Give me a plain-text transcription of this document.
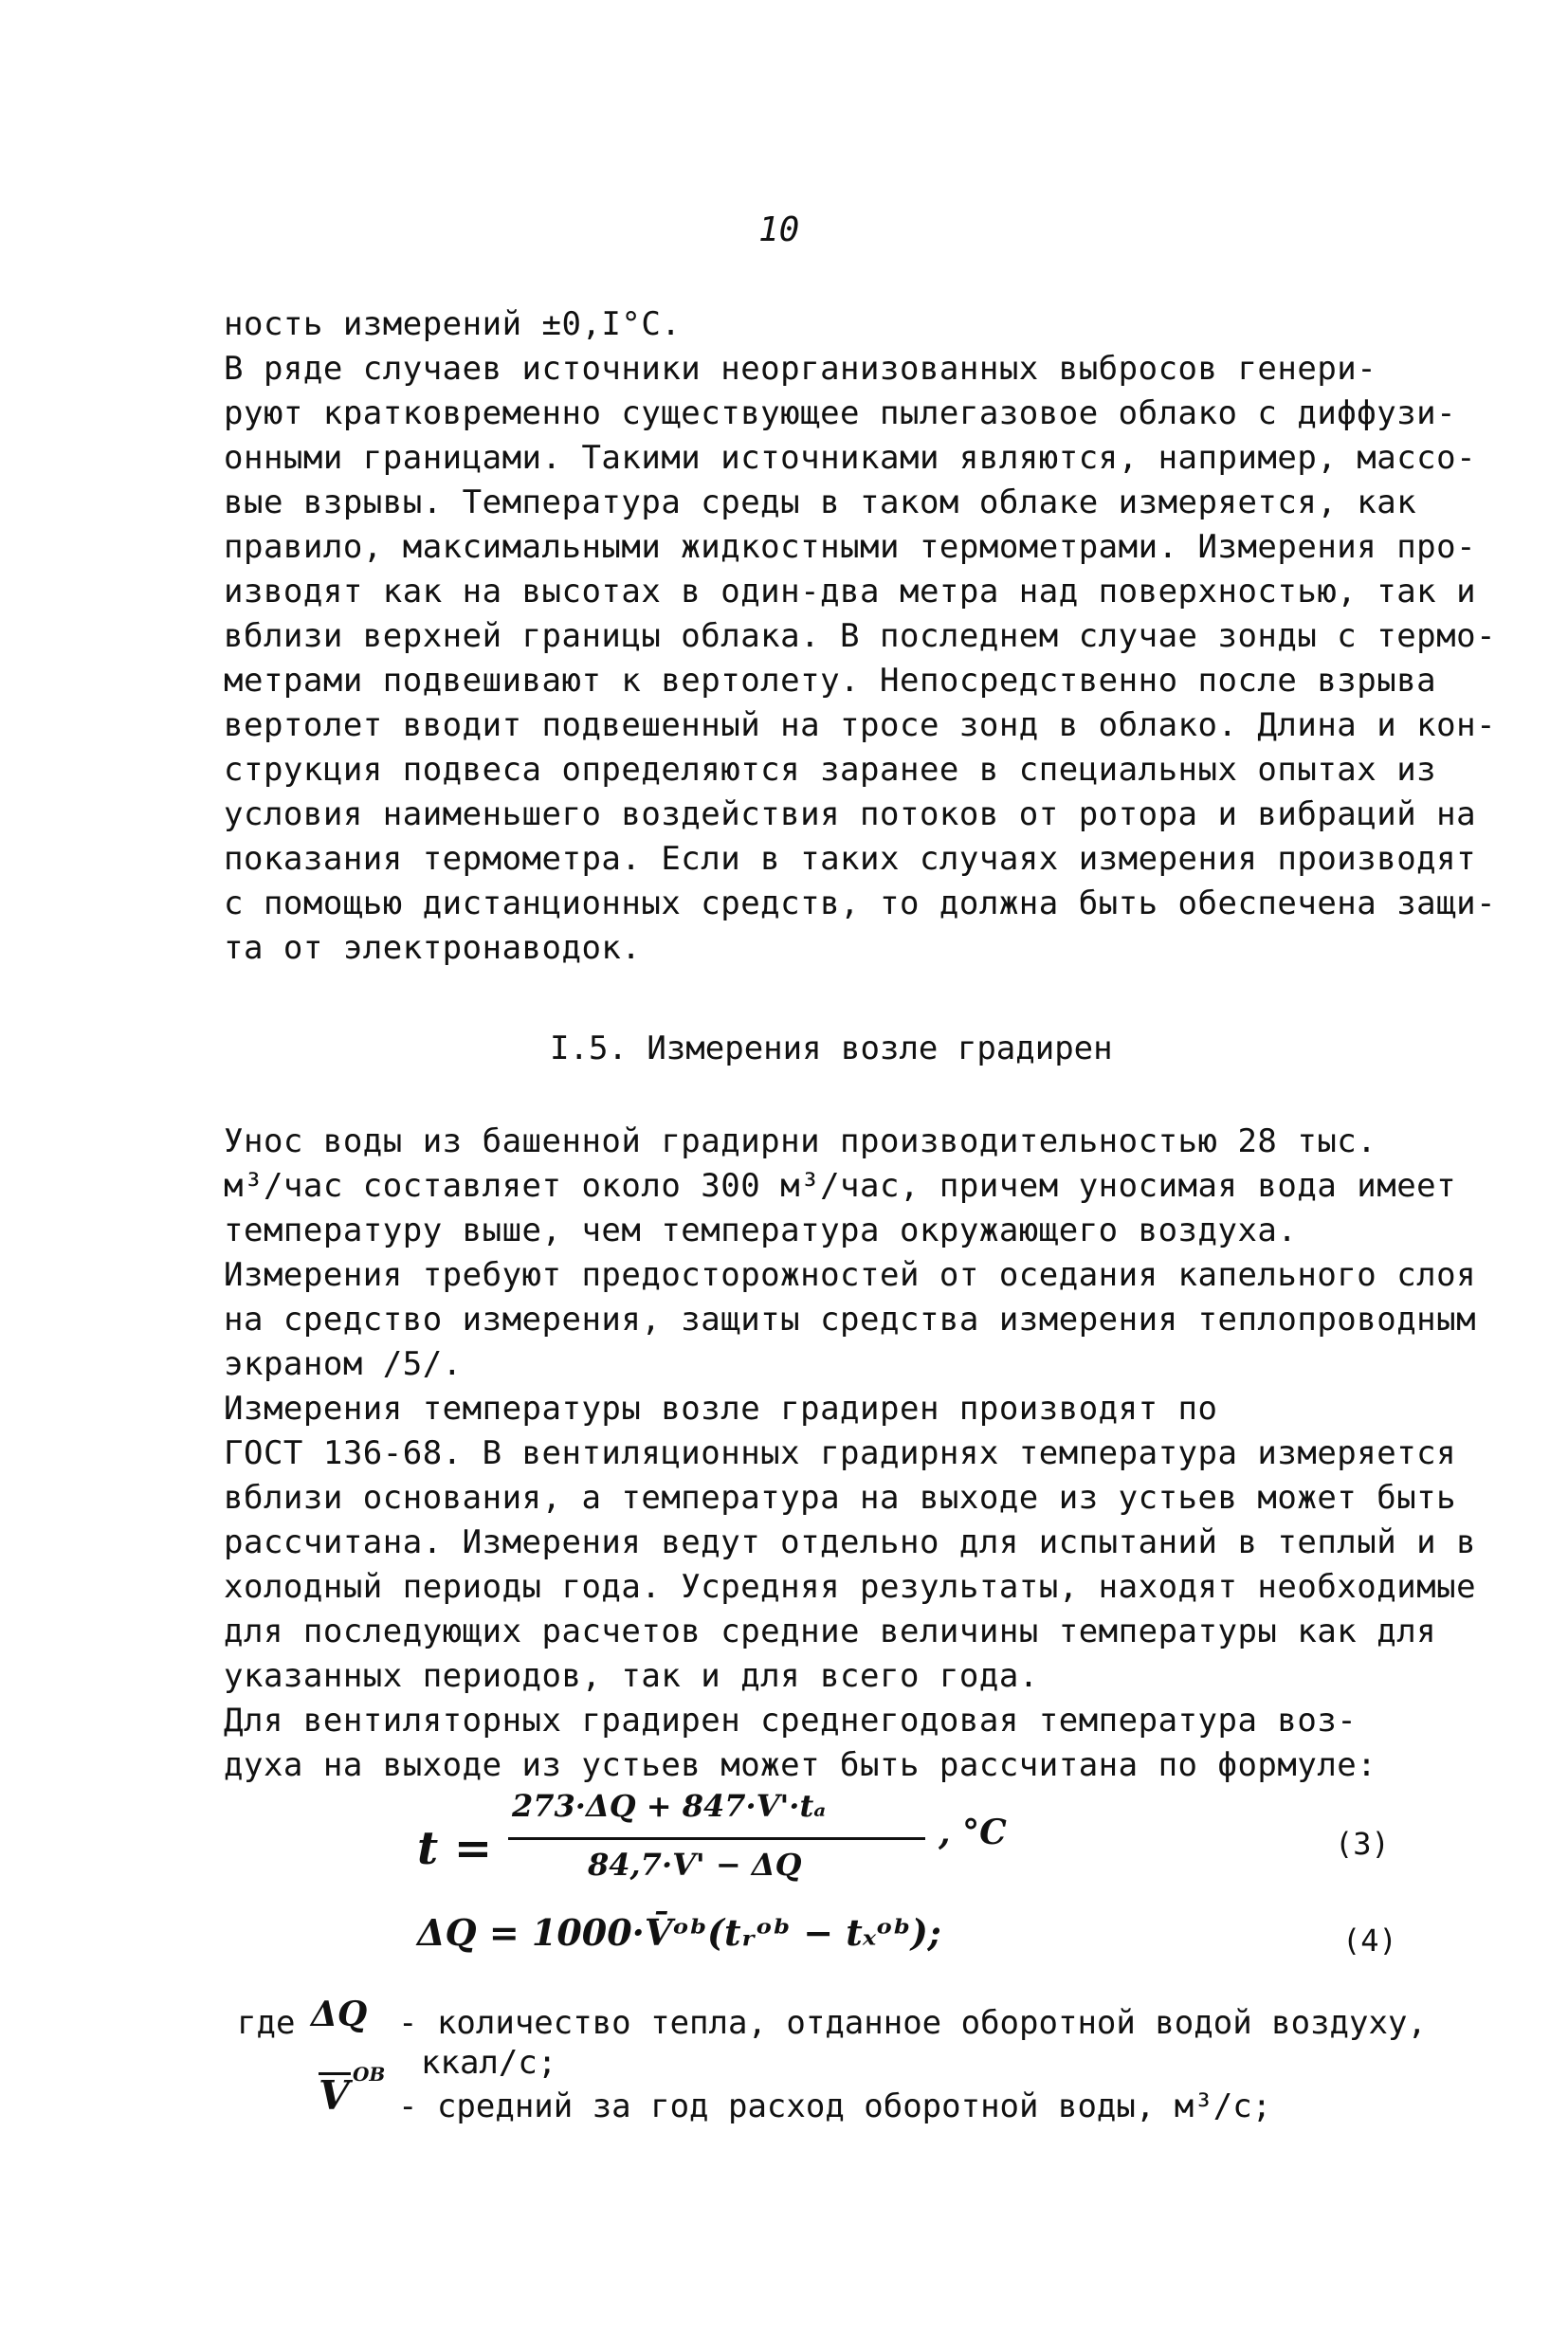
10
ность измерений ±0,I°С.
В ряде случаев источники неорганизованных выбросов генери-
руют кратковременно существующее пылегазовое облако с диффузи-
онными границами. Такими источниками являются, например, массо-
вые взрывы. Температура среды в таком облаке измеряется, как
правило, максимальными жидкостными термометрами. Измерения про-
изводят как на высотах в один-два метра над поверхностью, так и
вблизи верхней границы облака. В последнем случае зонды с термо-
метрами подвешивают к вертолету. Непосредственно после взрыва
вертолет вводит подвешенный на тросе зонд в облако. Длина и кон-
струкция подвеса определяются заранее в специальных опытах из
условия наименьшего воздействия потоков от ротора и вибраций на
показания термометра. Если в таких случаях измерения производят
с помощью дистанционных средств, то должна быть обеспечена защи-
та от электронаводок.
I.5. Измерения возле градирен
Унос воды из башенной градирни производительностью 28 тыс.
м³/час составляет около 300 м³/час, причем уносимая вода имеет
температуру выше, чем температура окружающего воздуха.
Измерения требуют предосторожностей от оседания капельного слоя
на средство измерения, защиты средства измерения теплопроводным
экраном /5/.
Измерения температуры возле градирен производят по
ГОСТ 136-68. В вентиляционных градирнях температура измеряется
вблизи основания, а температура на выходе из устьев может быть
рассчитана. Измерения ведут отдельно для испытаний в теплый и в
холодный периоды года. Усредняя результаты, находят необходимые
для последующих расчетов средние величины температуры как для
указанных периодов, так и для всего года.
Для вентиляторных градирен среднегодовая температура воз-
духа на выходе из устьев может быть рассчитана по формуле:
t =
273·ΔQ + 847·V'·tₐ
84,7·V' − ΔQ
, °C	(3)
ΔQ = 1000·V̄ᵒᵇ(tᵣᵒᵇ − tₓᵒᵇ);	(4)
где ΔQ - количество тепла, отданное оборотной водой воздуху,
ккал/с;
V ОВ
- средний за год расход оборотной воды, м³/с;
